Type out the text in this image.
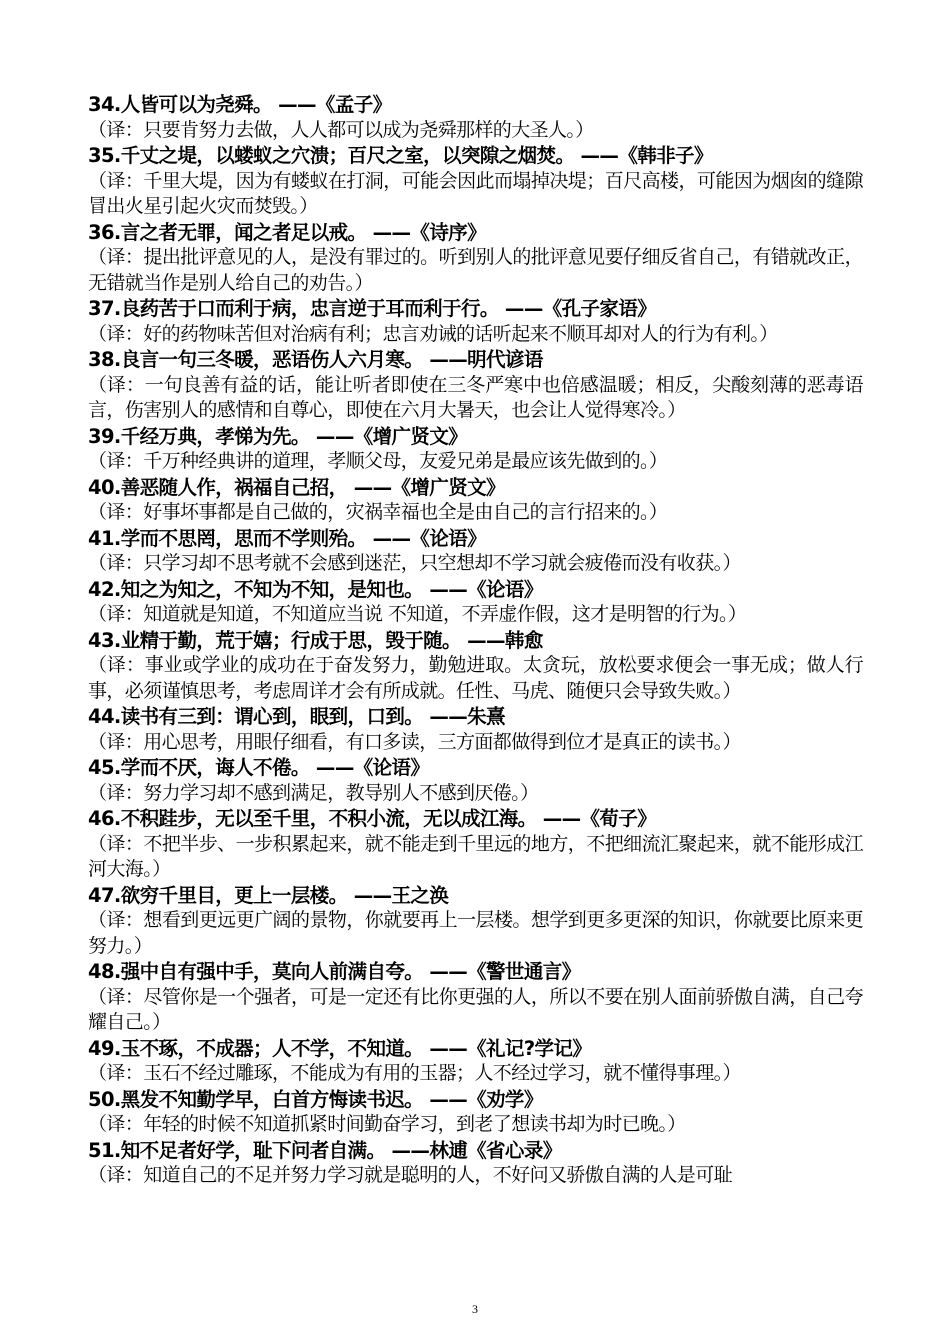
34.人皆可以为尧舜。 ——《孟子》
（译：只要肯努力去做，人人都可以成为尧舜那样的大圣人。）
35.千丈之堤，以蝼蚁之穴溃；百尺之室，以突隙之烟焚。 ——《韩非子》
（译：千里大堤，因为有蝼蚁在打洞，可能会因此而塌掉决堤；百尺高楼，可能因为烟囱的缝隙冒出火星引起火灾而焚毁。）
36.言之者无罪，闻之者足以戒。 ——《诗序》
（译：提出批评意见的人，是没有罪过的。听到别人的批评意见要仔细反省自己，有错就改正，无错就当作是别人给自己的劝告。）
37.良药苦于口而利于病，忠言逆于耳而利于行。 ——《孔子家语》
（译：好的药物味苦但对治病有利；忠言劝诫的话听起来不顺耳却对人的行为有利。）
38.良言一句三冬暖，恶语伤人六月寒。 ——明代谚语
（译：一句良善有益的话，能让听者即使在三冬严寒中也倍感温暖；相反，尖酸刻薄的恶毒语言，伤害别人的感情和自尊心，即使在六月大暑天，也会让人觉得寒冷。）
39.千经万典，孝悌为先。 ——《增广贤文》
（译：千万种经典讲的道理，孝顺父母，友爱兄弟是最应该先做到的。）
40.善恶随人作，祸福自己招， ——《增广贤文》
（译：好事坏事都是自己做的，灾祸幸福也全是由自己的言行招来的。）
41.学而不思罔，思而不学则殆。 ——《论语》
（译：只学习却不思考就不会感到迷茫，只空想却不学习就会疲倦而没有收获。）
42.知之为知之，不知为不知，是知也。 ——《论语》
（译：知道就是知道，不知道应当说 不知道，不弄虚作假，这才是明智的行为。）
43.业精于勤，荒于嬉；行成于思，毁于随。 ——韩愈
（译：事业或学业的成功在于奋发努力，勤勉进取。太贪玩，放松要求便会一事无成；做人行事，必须谨慎思考，考虑周详才会有所成就。任性、马虎、随便只会导致失败。）
44.读书有三到：谓心到，眼到，口到。 ——朱熹
（译：用心思考，用眼仔细看，有口多读，三方面都做得到位才是真正的读书。）
45.学而不厌，诲人不倦。 ——《论语》
（译：努力学习却不感到满足，教导别人不感到厌倦。）
46.不积跬步，无以至千里，不积小流，无以成江海。 ——《荀子》
（译：不把半步、一步积累起来，就不能走到千里远的地方，不把细流汇聚起来，就不能形成江河大海。）
47.欲穷千里目，更上一层楼。 ——王之涣
（译：想看到更远更广阔的景物，你就要再上一层楼。想学到更多更深的知识，你就要比原来更努力。）
48.强中自有强中手，莫向人前满自夸。 ——《警世通言》
（译：尽管你是一个强者，可是一定还有比你更强的人，所以不要在别人面前骄傲自满，自己夸耀自己。）
49.玉不琢，不成器；人不学，不知道。 ——《礼记?学记》
（译：玉石不经过雕琢，不能成为有用的玉器；人不经过学习，就不懂得事理。）
50.黑发不知勤学早，白首方悔读书迟。 ——《劝学》
（译：年轻的时候不知道抓紧时间勤奋学习，到老了想读书却为时已晚。）
51.知不足者好学，耻下问者自满。 ——林逋《省心录》
（译：知道自己的不足并努力学习就是聪明的人，不好问又骄傲自满的人是可耻
3
